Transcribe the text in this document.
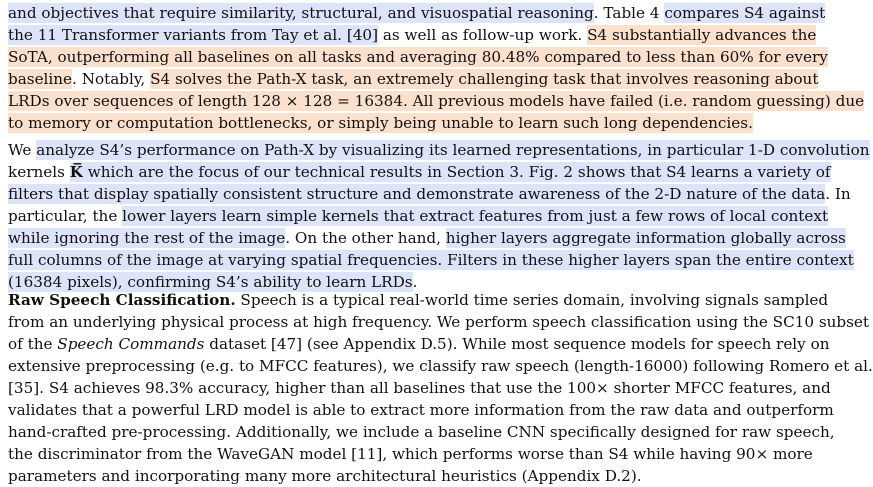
and objectives that require similarity, structural, and visuospatial reasoning. Table 4 compares S4 against
the 11 Transformer variants from Tay et al. [40] as well as follow-up work. S4 substantially advances the
SoTA, outperforming all baselines on all tasks and averaging 80.48% compared to less than 60% for every
baseline. Notably, S4 solves the Path-X task, an extremely challenging task that involves reasoning about
LRDs over sequences of length 128 × 128 = 16384. All previous models have failed (i.e. random guessing) due
to memory or computation bottlenecks, or simply being unable to learn such long dependencies.
We analyze S4’s performance on Path-X by visualizing its learned representations, in particular 1-D convolution
kernels K̅ which are the focus of our technical results in Section 3. Fig. 2 shows that S4 learns a variety of
filters that display spatially consistent structure and demonstrate awareness of the 2-D nature of the data. In
particular, the lower layers learn simple kernels that extract features from just a few rows of local context
while ignoring the rest of the image. On the other hand, higher layers aggregate information globally across
full columns of the image at varying spatial frequencies. Filters in these higher layers span the entire context
(16384 pixels), confirming S4’s ability to learn LRDs.
Raw Speech Classification. Speech is a typical real-world time series domain, involving signals sampled
from an underlying physical process at high frequency. We perform speech classification using the SC10 subset
of the Speech Commands dataset [47] (see Appendix D.5). While most sequence models for speech rely on
extensive preprocessing (e.g. to MFCC features), we classify raw speech (length-16000) following Romero et al.
[35]. S4 achieves 98.3% accuracy, higher than all baselines that use the 100× shorter MFCC features, and
validates that a powerful LRD model is able to extract more information from the raw data and outperform
hand-crafted pre-processing. Additionally, we include a baseline CNN specifically designed for raw speech,
the discriminator from the WaveGAN model [11], which performs worse than S4 while having 90× more
parameters and incorporating many more architectural heuristics (Appendix D.2).
